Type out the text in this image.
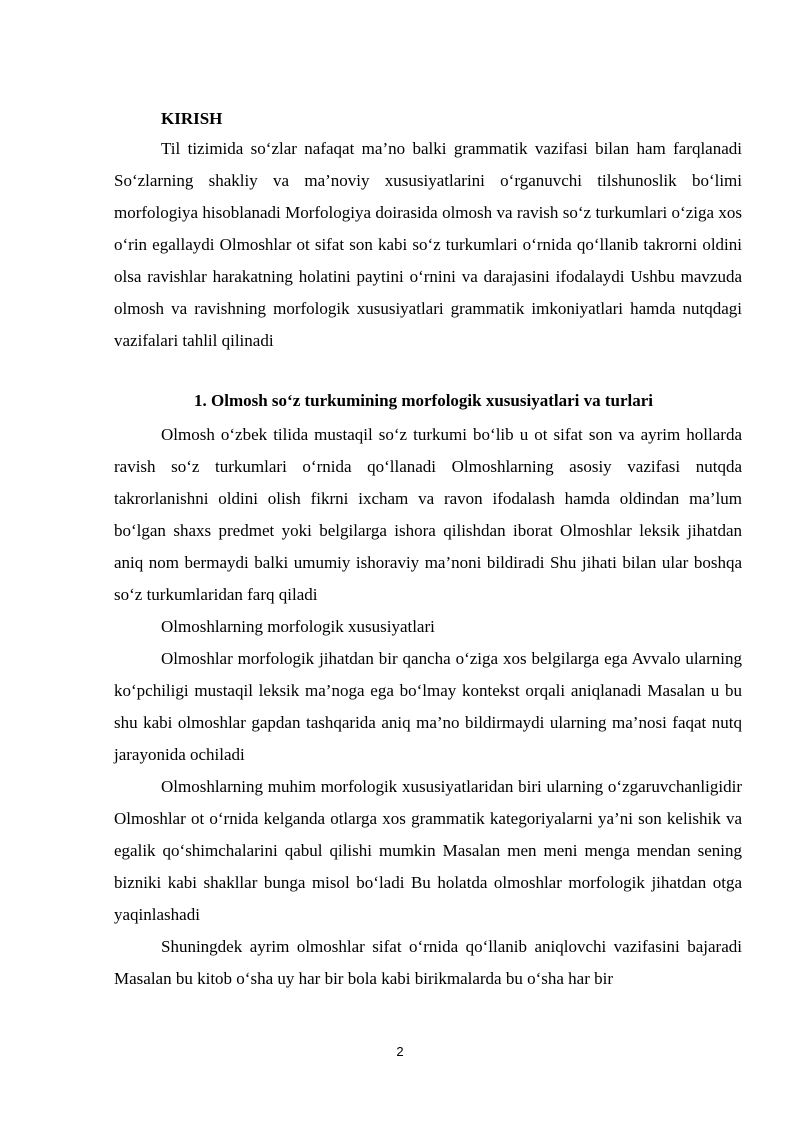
KIRISH

Til tizimida so‘zlar nafaqat ma’no balki grammatik vazifasi bilan ham farqlanadi So‘zlarning shakliy va ma’noviy xususiyatlarini o‘rganuvchi tilshunoslik bo‘limi morfologiya hisoblanadi Morfologiya doirasida olmosh va ravish so‘z turkumlari o‘ziga xos o‘rin egallaydi Olmoshlar ot sifat son kabi so‘z turkumlari o‘rnida qo‘llanib takrorni oldini olsa ravishlar harakatning holatini paytini o‘rnini va darajasini ifodalaydi Ushbu mavzuda olmosh va ravishning morfologik xususiyatlari grammatik imkoniyatlari hamda nutqdagi vazifalari tahlil qilinadi

1. Olmosh so‘z turkumining morfologik xususiyatlari va turlari

Olmosh o‘zbek tilida mustaqil so‘z turkumi bo‘lib u ot sifat son va ayrim hollarda ravish so‘z turkumlari o‘rnida qo‘llanadi Olmoshlarning asosiy vazifasi nutqda takrorlanishni oldini olish fikrni ixcham va ravon ifodalash hamda oldindan ma’lum bo‘lgan shaxs predmet yoki belgilarga ishora qilishdan iborat Olmoshlar leksik jihatdan aniq nom bermaydi balki umumiy ishoraviy ma’noni bildiradi Shu jihati bilan ular boshqa so‘z turkumlaridan farq qiladi

Olmoshlarning morfologik xususiyatlari

Olmoshlar morfologik jihatdan bir qancha o‘ziga xos belgilarga ega Avvalo ularning ko‘pchiligi mustaqil leksik ma’noga ega bo‘lmay kontekst orqali aniqlanadi Masalan u bu shu kabi olmoshlar gapdan tashqarida aniq ma’no bildirmaydi ularning ma’nosi faqat nutq jarayonida ochiladi

Olmoshlarning muhim morfologik xususiyatlaridan biri ularning o‘zgaruvchanligidir Olmoshlar ot o‘rnida kelganda otlarga xos grammatik kategoriyalarni ya’ni son kelishik va egalik qo‘shimchalarini qabul qilishi mumkin Masalan men meni menga mendan sening bizniki kabi shakllar bunga misol bo‘ladi Bu holatda olmoshlar morfologik jihatdan otga yaqinlashadi

Shuningdek ayrim olmoshlar sifat o‘rnida qo‘llanib aniqlovchi vazifasini bajaradi Masalan bu kitob o‘sha uy har bir bola kabi birikmalarda bu o‘sha har bir

2
